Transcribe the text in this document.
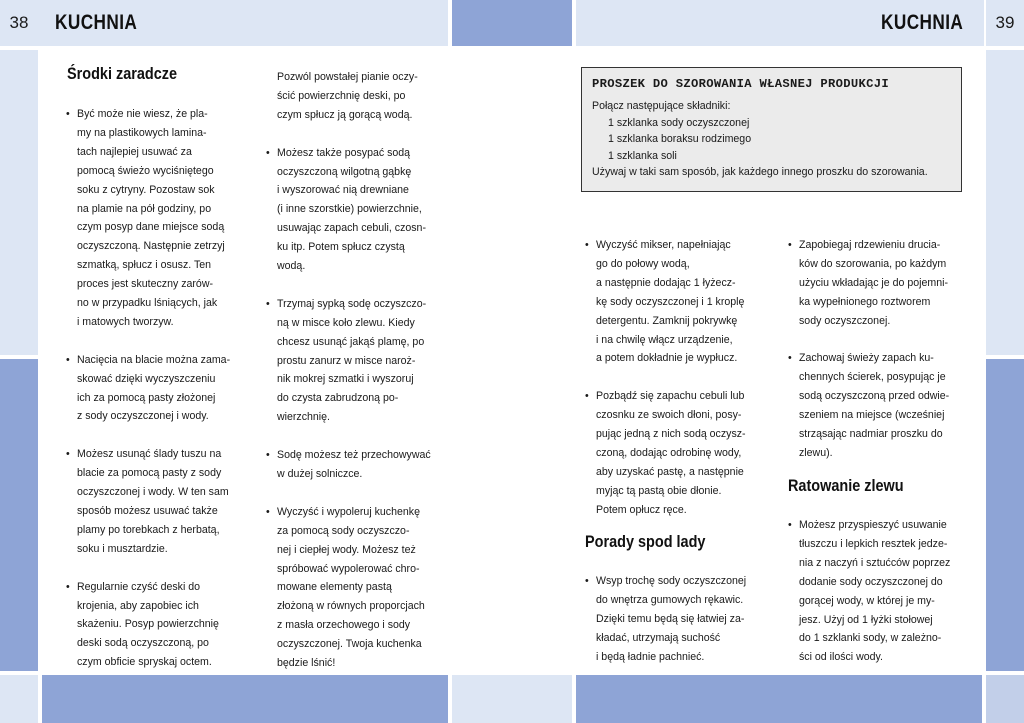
38	39
KUCHNIA	KUCHNIA
Środki zaradcze
• Być może nie wiesz, że pla-
my na plastikowych lamina-
tach najlepiej usuwać za
pomocą świeżo wyciśniętego
soku z cytryny. Pozostaw sok
na plamie na pół godziny, po
czym posyp dane miejsce sodą
oczyszczoną. Następnie zetrzyj
szmatką, spłucz i osusz. Ten
proces jest skuteczny zarów-
no w przypadku lśniących, jak
i matowych tworzyw.
• Nacięcia na blacie można zama-
skować dzięki wyczyszczeniu
ich za pomocą pasty złożonej
z sody oczyszczonej i wody.
• Możesz usunąć ślady tuszu na
blacie za pomocą pasty z sody
oczyszczonej i wody. W ten sam
sposób możesz usuwać także
plamy po torebkach z herbatą,
soku i musztardzie.
• Regularnie czyść deski do
krojenia, aby zapobiec ich
skażeniu. Posyp powierzchnię
deski sodą oczyszczoną, po
czym obficie spryskaj octem.
Pozwól powstałej pianie oczy-
ścić powierzchnię deski, po
czym spłucz ją gorącą wodą.
• Możesz także posypać sodą
oczyszczoną wilgotną gąbkę
i wyszorować nią drewniane
(i inne szorstkie) powierzchnie,
usuwając zapach cebuli, czosn-
ku itp. Potem spłucz czystą
wodą.
• Trzymaj sypką sodę oczyszczo-
ną w misce koło zlewu. Kiedy
chcesz usunąć jakąś plamę, po
prostu zanurz w misce naroż-
nik mokrej szmatki i wyszoruj
do czysta zabrudzoną po-
wierzchnię.
• Sodę możesz też przechowywać
w dużej solniczce.
• Wyczyść i wypoleruj kuchenkę
za pomocą sody oczyszczo-
nej i ciepłej wody. Możesz też
spróbować wypolerować chro-
mowane elementy pastą
złożoną w równych proporcjach
z masła orzechowego i sody
oczyszczonej. Twoja kuchenka
będzie lśnić!
PROSZEK DO SZOROWANIA WŁASNEJ PRODUKCJI
Połącz następujące składniki:
1 szklanka sody oczyszczonej
1 szklanka boraksu rodzimego
1 szklanka soli
Używaj w taki sam sposób, jak każdego innego proszku do szorowania.
• Wyczyść mikser, napełniając
go do połowy wodą,
a następnie dodając 1 łyżecz-
kę sody oczyszczonej i 1 kroplę
detergentu. Zamknij pokrywkę
i na chwilę włącz urządzenie,
a potem dokładnie je wypłucz.
• Pozbądź się zapachu cebuli lub
czosnku ze swoich dłoni, posy-
pując jedną z nich sodą oczysz-
czoną, dodając odrobinę wody,
aby uzyskać pastę, a następnie
myjąc tą pastą obie dłonie.
Potem opłucz ręce.
Porady spod lady
• Wsyp trochę sody oczyszczonej
do wnętrza gumowych rękawic.
Dzięki temu będą się łatwiej za-
kładać, utrzymają suchość
i będą ładnie pachnieć.
• Zapobiegaj rdzewieniu drucia-
ków do szorowania, po każdym
użyciu wkładając je do pojemni-
ka wypełnionego roztworem
sody oczyszczonej.
• Zachowaj świeży zapach ku-
chennych ścierek, posypując je
sodą oczyszczoną przed odwie-
szeniem na miejsce (wcześniej
strząsając nadmiar proszku do
zlewu).
Ratowanie zlewu
• Możesz przyspieszyć usuwanie
tłuszczu i lepkich resztek jedze-
nia z naczyń i sztućców poprzez
dodanie sody oczyszczonej do
gorącej wody, w której je my-
jesz. Użyj od 1 łyżki stołowej
do 1 szklanki sody, w zależno-
ści od ilości wody.
